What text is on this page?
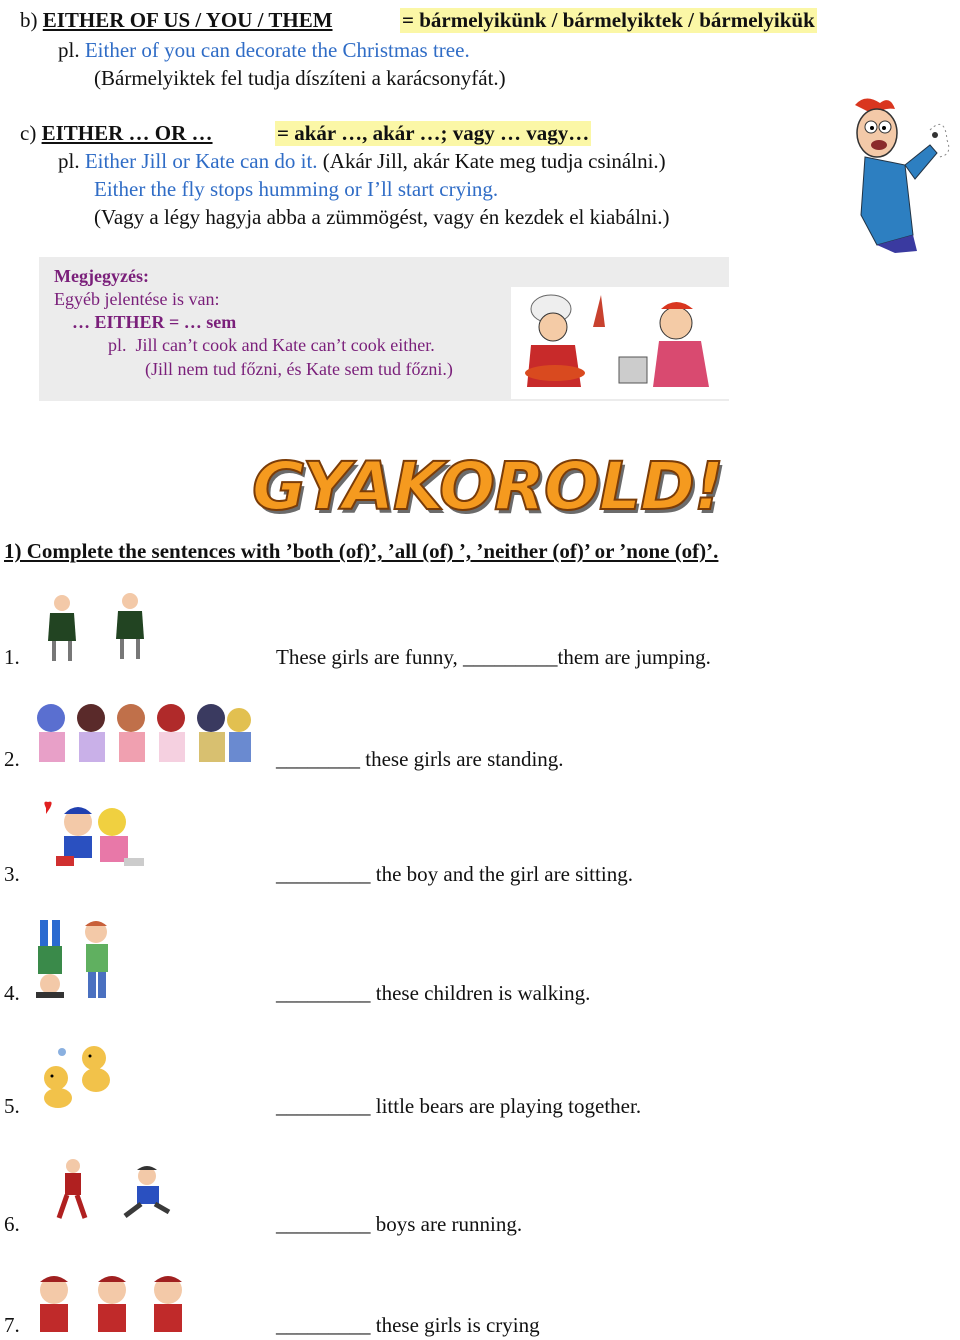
b) EITHER OF US / YOU / THEM	= bármelyikünk / bármelyiktek / bármelyikük
pl. Either of you can decorate the Christmas tree.
(Bármelyiktek fel tudja díszíteni a karácsonyfát.)
c) EITHER … OR …	= akár …, akár …; vagy … vagy…
pl. Either Jill or Kate can do it. (Akár Jill, akár Kate meg tudja csinálni.)
Either the fly stops humming or I’ll start crying.
(Vagy a légy hagyja abba a zümmögést, vagy én kezdek el kiabálni.)
Megjegyzés:
Egyéb jelentése is van:
… EITHER = … sem
pl. Jill can’t cook and Kate can’t cook either.
(Jill nem tud főzni, és Kate sem tud főzni.)
GYAKOROLD!
1) Complete the sentences with ’both (of)’, ’all (of) ’, ’neither (of)’ or ’none (of)’.
1.	These girls are funny, _________them are jumping.
2.	________ these girls are standing.
3.	_________ the boy and the girl are sitting.
4.	_________ these children is walking.
5.	_________ little bears are playing together.
6.	_________ boys are running.
7.	_________ these girls is crying
